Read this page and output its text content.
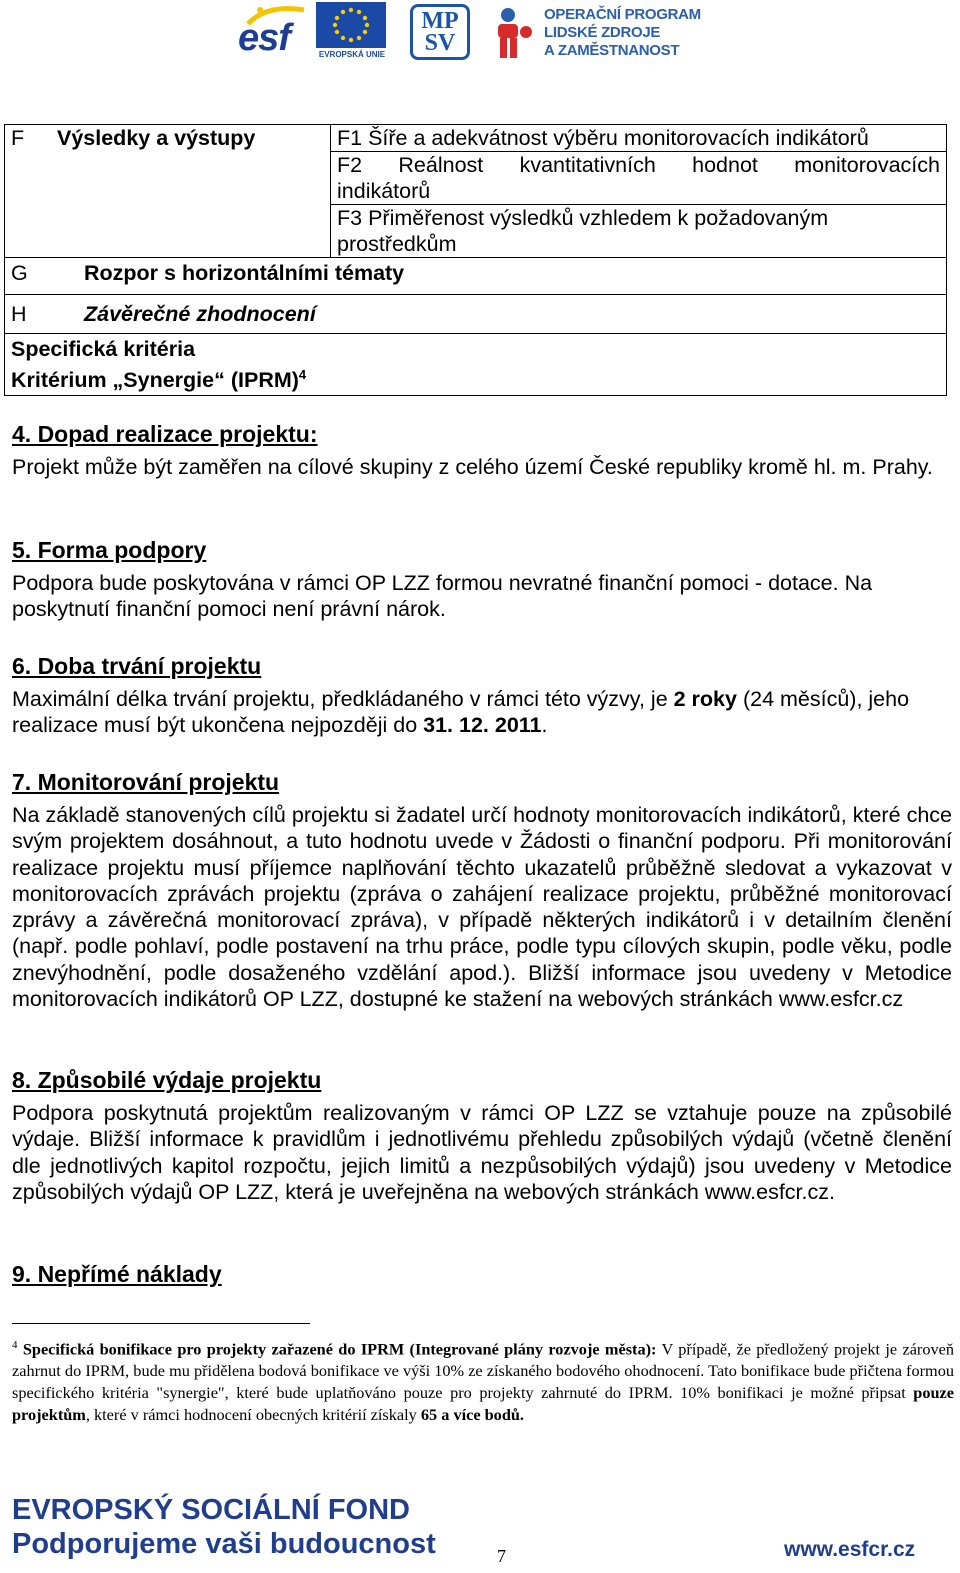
esf	EVROPSKÁ UNIE
MP
SV
OPERAČNÍ PROGRAM
LIDSKÉ ZDROJE
A ZAMĚSTNANOST
F Výsledky a výstupy	F1 Šíře a adekvátnost výběru monitorovacích indikátorů

F2 Reálnost kvantitativních hodnot monitorovacích
indikátorů

F3 Přiměřenost výsledků vzhledem k požadovaným prostředkům
G	Rozpor s horizontálními tématy
H	Závěrečné zhodnocení

Specifická kritéria
Kritérium „Synergie“ (IPRM)$^4$
4. Dopad realizace projektu:

Projekt může být zaměřen na cílové skupiny z celého území České republiky kromě hl. m. Prahy.

5. Forma podpory

Podpora bude poskytována v rámci OP LZZ formou nevratné finanční pomoci - dotace. Na poskytnutí finanční pomoci není právní nárok.

6. Doba trvání projektu

Maximální délka trvání projektu, předkládaného v rámci této výzvy, je 2 roky (24 měsíců), jeho realizace musí být ukončena nejpozději do 31. 12. 2011.

7. Monitorování projektu

Na základě stanovených cílů projektu si žadatel určí hodnoty monitorovacích indikátorů, které chce svým projektem dosáhnout, a tuto hodnotu uvede v Žádosti o finanční podporu. Při monitorování realizace projektu musí příjemce naplňování těchto ukazatelů průběžně sledovat a vykazovat v monitorovacích zprávách projektu (zpráva o zahájení realizace projektu, průběžné monitorovací zprávy a závěrečná monitorovací zpráva), v případě některých indikátorů i v detailním členění (např. podle pohlaví, podle postavení na trhu práce, podle typu cílových skupin, podle věku, podle znevýhodnění, podle dosaženého vzdělání apod.). Bližší informace jsou uvedeny v Metodice monitorovacích indikátorů OP LZZ, dostupné ke stažení na webových stránkách www.esfcr.cz

8. Způsobilé výdaje projektu

Podpora poskytnutá projektům realizovaným v rámci OP LZZ se vztahuje pouze na způsobilé výdaje. Bližší informace k pravidlům i jednotlivému přehledu způsobilých výdajů (včetně členění dle jednotlivých kapitol rozpočtu, jejich limitů a nezpůsobilých výdajů) jsou uvedeny v Metodice způsobilých výdajů OP LZZ, která je uveřejněna na webových stránkách www.esfcr.cz.

9. Nepřímé náklady
$^4$ Specifická bonifikace pro projekty zařazené do IPRM (Integrované plány rozvoje města): V případě, že předložený projekt je zároveň zahrnut do IPRM, bude mu přidělena bodová bonifikace ve výši 10% ze získaného bodového ohodnocení. Tato bonifikace bude přičtena formou specifického kritéria "synergie", které bude uplatňováno pouze pro projekty zahrnuté do IPRM. 10% bonifikaci je možné připsat pouze projektům, které v rámci hodnocení obecných kritérií získaly 65 a více bodů.
EVROPSKÝ SOCIÁLNÍ FOND
Podporujeme vaši budoucnost	7	www.esfcr.cz
